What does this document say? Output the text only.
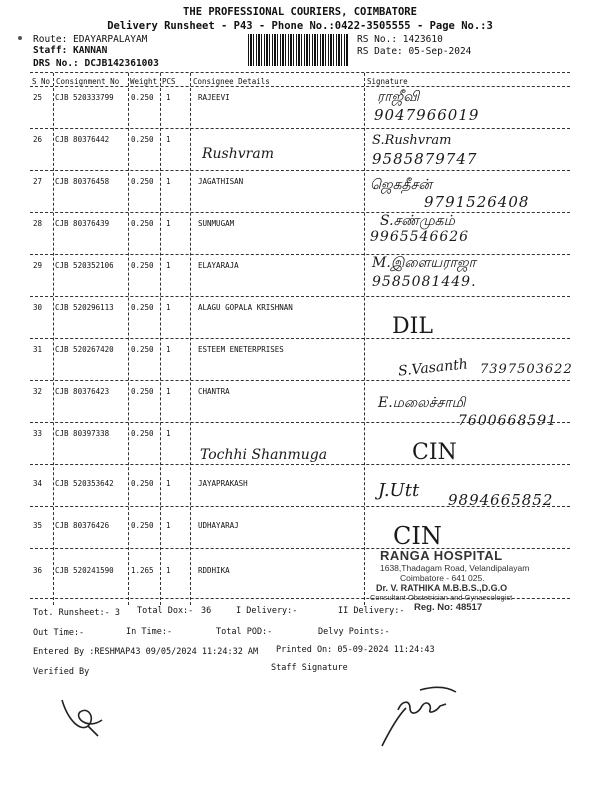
THE PROFESSIONAL COURIERS, COIMBATORE
Delivery Runsheet - P43 - Phone No.:0422-3505555 - Page No.:3
Route: EDAYARPALAYAM
Staff: KANNAN
DRS No.: DCJB142361003
RS No.: 1423610
RS Date: 05-Sep-2024
S No Consignment No Weight PCS Consignee Details	Signature
25 CJB 520333799 0.250 1	RAJEEVI	ராஜீவி
9047966019
26 CJB 80376442	0.250 1
Rushvram
S.Rushvram
9585879747
27 CJB 80376458	0.250 1	JAGATHISAN	ஜெகதீசன்
9791526408
28 CJB 80376439	0.250 1	SUNMUGAM	S.சண்முகம்
9965546626
29 CJB 520352106 0.250 1	ELAYARAJA	M.இளையராஜா
9585081449.
30 CJB 520296113 0.250 1	ALAGU GOPALA KRISHNAN
DIL
31 CJB 520267420 0.250 1	ESTEEM ENETERPRISES
S.Vasanth 7397503622
32 CJB 80376423	0.250 1	CHANTRA
E.மலைச்சாமி
7600668591
33 CJB 80397338	0.250 1
Tochhi Shanmuga	CIN
34 CJB 520353642 0.250 1	JAYAPRAKASH	J.Utt 9894665852
35 CJB 80376426	0.250 1	UDHAYARAJ	CIN
36 CJB 520241590 1.265 1	RDDHIKA
RANGA HOSPITAL
1638,Thadagam Road, Velandipalayam
Coimbatore - 641 025.
Dr. V. RATHIKA M.B.B.S.,D.G.O
Consultant Obstetrician and Gynaecologist
Reg. No: 48517
Tot. Runsheet:- 3 Total Dox:- 36	I Delivery:-	II Delivery:-
Out Time:-	In Time:-	Total POD:-	Delvy Points:-
Entered By :RESHMAP43 09/05/2024 11:24:32 AM Printed On: 05-09-2024 11:24:43
Verified By	Staff Signature
